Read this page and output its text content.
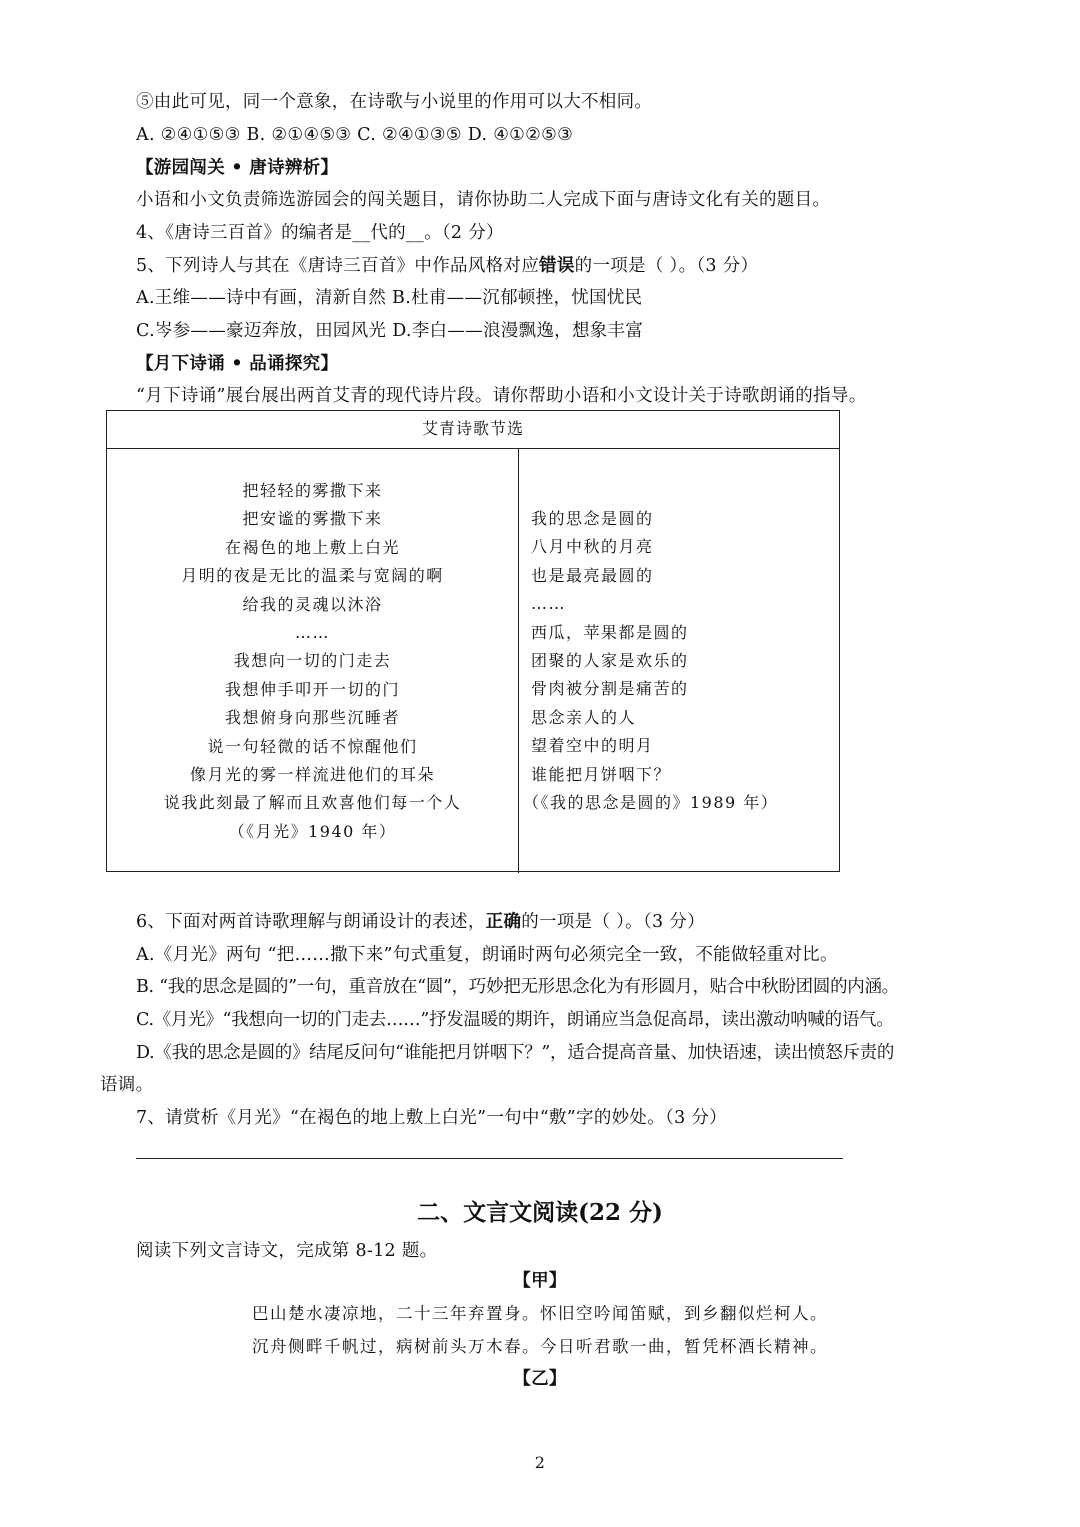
⑤由此可见，同一个意象，在诗歌与小说里的作用可以大不相同。
A. ②④①⑤③ B. ②①④⑤③ C. ②④①③⑤ D. ④①②⑤③
【游园闯关 • 唐诗辨析】
小语和小文负责筛选游园会的闯关题目，请你协助二人完成下面与唐诗文化有关的题目。
4、《唐诗三百首》的编者是__代的__。（2 分）
5、下列诗人与其在《唐诗三百首》中作品风格对应错误的一项是（ ）。（3 分）
A.王维——诗中有画，清新自然 B.杜甫——沉郁顿挫，忧国忧民
C.岑参——豪迈奔放，田园风光 D.李白——浪漫飘逸，想象丰富
【月下诗诵 • 品诵探究】
“月下诗诵”展台展出两首艾青的现代诗片段。请你帮助小语和小文设计关于诗歌朗诵的指导。
艾青诗歌节选
把轻轻的雾撒下来
把安谧的雾撒下来
在褐色的地上敷上白光
月明的夜是无比的温柔与宽阔的啊
给我的灵魂以沐浴
……
我想向一切的门走去
我想伸手叩开一切的门
我想俯身向那些沉睡者
说一句轻微的话不惊醒他们
像月光的雾一样流进他们的耳朵
说我此刻最了解而且欢喜他们每一个人
（《月光》1940 年）
我的思念是圆的
八月中秋的月亮
也是最亮最圆的
……
西瓜，苹果都是圆的
团聚的人家是欢乐的
骨肉被分割是痛苦的
思念亲人的人
望着空中的明月
谁能把月饼咽下？
（《我的思念是圆的》1989 年）
6、下面对两首诗歌理解与朗诵设计的表述，正确的一项是（ ）。（3 分）
A.《月光》两句 “把……撒下来”句式重复，朗诵时两句必须完全一致，不能做轻重对比。
B. “我的思念是圆的”一句，重音放在“圆”，巧妙把无形思念化为有形圆月，贴合中秋盼团圆的内涵。
C.《月光》“我想向一切的门走去……”抒发温暖的期许，朗诵应当急促高昂，读出激动呐喊的语气。
D.《我的思念是圆的》结尾反问句“谁能把月饼咽下？”，适合提高音量、加快语速，读出愤怒斥责的
语调。
7、请赏析《月光》“在褐色的地上敷上白光”一句中“敷”字的妙处。（3 分）
二、文言文阅读(22 分)
阅读下列文言诗文，完成第 8-12 题。
【甲】
巴山楚水凄凉地，二十三年弃置身。怀旧空吟闻笛赋，到乡翻似烂柯人。
沉舟侧畔千帆过，病树前头万木春。今日听君歌一曲，暂凭杯酒长精神。
【乙】
2
